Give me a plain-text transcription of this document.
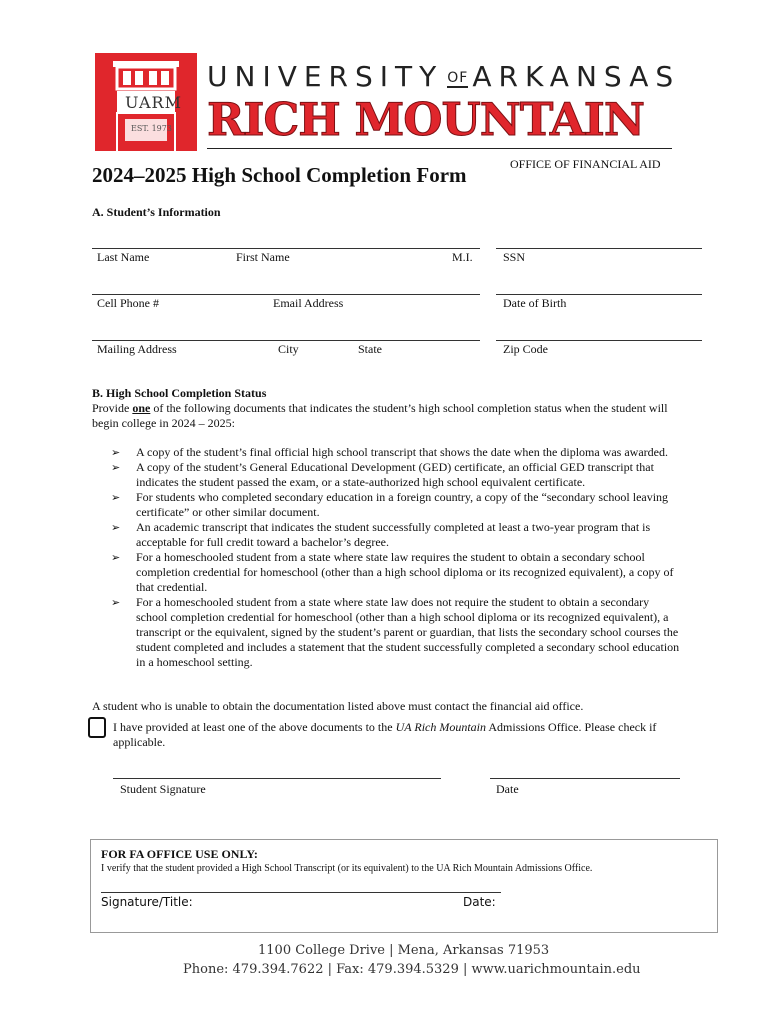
UARM
EST. 1973
UNIVERSITY OF ARKANSAS
RICH MOUNTAIN
2024–2025 High School Completion Form	OFFICE OF FINANCIAL AID
A. Student’s Information
Last Name	First Name	M.I.	SSN
Cell Phone #	Email Address	Date of Birth
Mailing Address	City	State	Zip Code
B. High School Completion Status
Provide one of the following documents that indicates the student’s high school completion status when the student will begin college in 2024 – 2025:
➢ A copy of the student’s final official high school transcript that shows the date when the diploma was awarded.
➢ A copy of the student’s General Educational Development (GED) certificate, an official GED transcript that indicates the student passed the exam, or a state-authorized high school equivalent certificate.
➢ For students who completed secondary education in a foreign country, a copy of the “secondary school leaving certificate” or other similar document.
➢ An academic transcript that indicates the student successfully completed at least a two-year program that is acceptable for full credit toward a bachelor’s degree.
➢ For a homeschooled student from a state where state law requires the student to obtain a secondary school completion credential for homeschool (other than a high school diploma or its recognized equivalent), a copy of that credential.
➢ For a homeschooled student from a state where state law does not require the student to obtain a secondary school completion credential for homeschool (other than a high school diploma or its recognized equivalent), a transcript or the equivalent, signed by the student’s parent or guardian, that lists the secondary school courses the student completed and includes a statement that the student successfully completed a secondary school education in a homeschool setting.
A student who is unable to obtain the documentation listed above must contact the financial aid office.
I have provided at least one of the above documents to the UA Rich Mountain Admissions Office. Please check if applicable.
Student Signature	Date
FOR FA OFFICE USE ONLY:
I verify that the student provided a High School Transcript (or its equivalent) to the UA Rich Mountain Admissions Office.
Signature/Title:	Date:
1100 College Drive | Mena, Arkansas 71953
Phone: 479.394.7622 | Fax: 479.394.5329 | www.uarichmountain.edu
